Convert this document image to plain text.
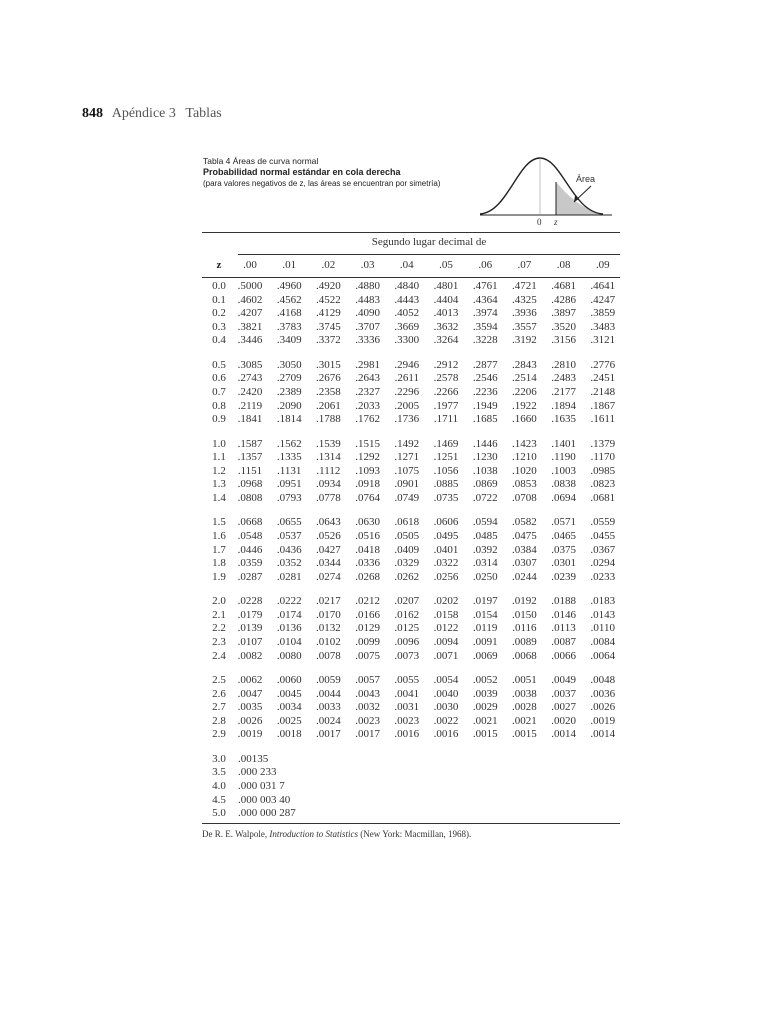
848 Apéndice 3 Tablas
Tabla 4 Áreas de curva normal
Probabilidad normal estándar en cola derecha
(para valores negativos de z, las áreas se encuentran por simetría)	Área
0 z
Segundo lugar decimal de
z	.00	.01	.02	.03	.04	.05	.06	.07	.08	.09
0.0	.5000	.4960	.4920	.4880	.4840	.4801	.4761	.4721	.4681	.4641
0.1	.4602	.4562	.4522	.4483	.4443	.4404	.4364	.4325	.4286	.4247
0.2	.4207	.4168	.4129	.4090	.4052	.4013	.3974	.3936	.3897	.3859
0.3	.3821	.3783	.3745	.3707	.3669	.3632	.3594	.3557	.3520	.3483
0.4	.3446	.3409	.3372	.3336	.3300	.3264	.3228	.3192	.3156	.3121
0.5	.3085	.3050	.3015	.2981	.2946	.2912	.2877	.2843	.2810	.2776
0.6	.2743	.2709	.2676	.2643	.2611	.2578	.2546	.2514	.2483	.2451
0.7	.2420	.2389	.2358	.2327	.2296	.2266	.2236	.2206	.2177	.2148
0.8	.2119	.2090	.2061	.2033	.2005	.1977	.1949	.1922	.1894	.1867
0.9	.1841	.1814	.1788	.1762	.1736	.1711	.1685	.1660	.1635	.1611
1.0	.1587	.1562	.1539	.1515	.1492	.1469	.1446	.1423	.1401	.1379
1.1	.1357	.1335	.1314	.1292	.1271	.1251	.1230	.1210	.1190	.1170
1.2	.1151	.1131	.1112	.1093	.1075	.1056	.1038	.1020	.1003	.0985
1.3	.0968	.0951	.0934	.0918	.0901	.0885	.0869	.0853	.0838	.0823
1.4	.0808	.0793	.0778	.0764	.0749	.0735	.0722	.0708	.0694	.0681
1.5	.0668	.0655	.0643	.0630	.0618	.0606	.0594	.0582	.0571	.0559
1.6	.0548	.0537	.0526	.0516	.0505	.0495	.0485	.0475	.0465	.0455
1.7	.0446	.0436	.0427	.0418	.0409	.0401	.0392	.0384	.0375	.0367
1.8	.0359	.0352	.0344	.0336	.0329	.0322	.0314	.0307	.0301	.0294
1.9	.0287	.0281	.0274	.0268	.0262	.0256	.0250	.0244	.0239	.0233
2.0	.0228	.0222	.0217	.0212	.0207	.0202	.0197	.0192	.0188	.0183
2.1	.0179	.0174	.0170	.0166	.0162	.0158	.0154	.0150	.0146	.0143
2.2	.0139	.0136	.0132	.0129	.0125	.0122	.0119	.0116	.0113	.0110
2.3	.0107	.0104	.0102	.0099	.0096	.0094	.0091	.0089	.0087	.0084
2.4	.0082	.0080	.0078	.0075	.0073	.0071	.0069	.0068	.0066	.0064
2.5	.0062	.0060	.0059	.0057	.0055	.0054	.0052	.0051	.0049	.0048
2.6	.0047	.0045	.0044	.0043	.0041	.0040	.0039	.0038	.0037	.0036
2.7	.0035	.0034	.0033	.0032	.0031	.0030	.0029	.0028	.0027	.0026
2.8	.0026	.0025	.0024	.0023	.0023	.0022	.0021	.0021	.0020	.0019
2.9	.0019	.0018	.0017	.0017	.0016	.0016	.0015	.0015	.0014	.0014
3.0	.00135
3.5	.000 233
4.0	.000 031 7
4.5	.000 003 40
5.0	.000 000 287
De R. E. Walpole, Introduction to Statistics (New York: Macmillan, 1968).
